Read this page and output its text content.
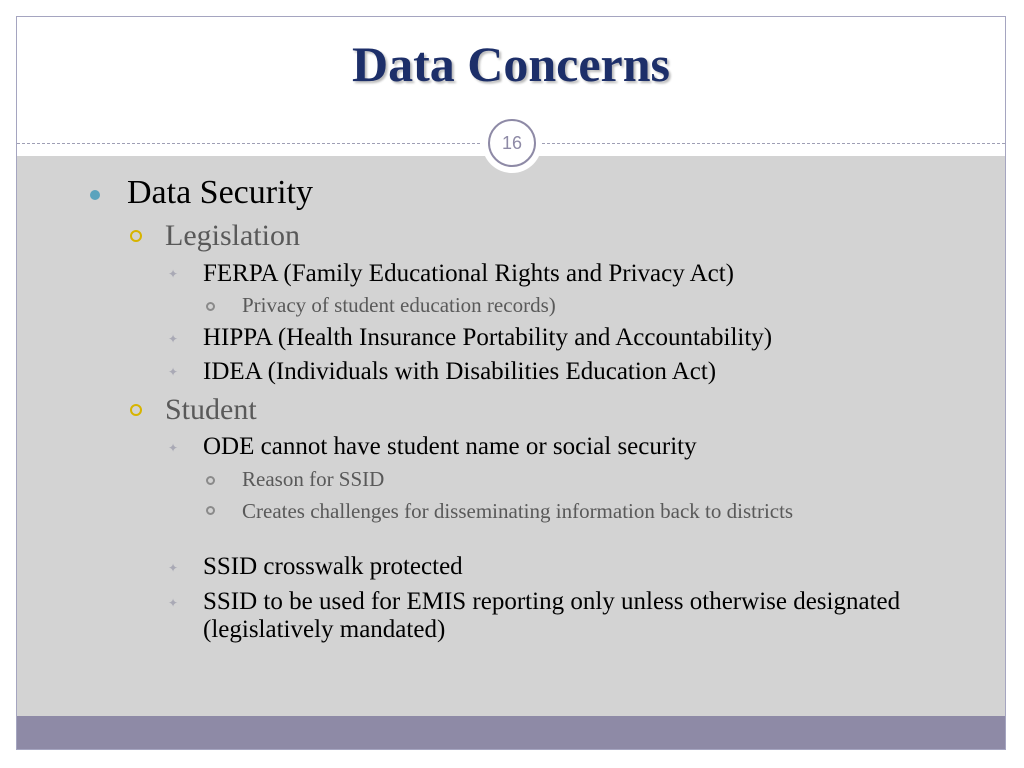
Data Concerns
16
Data Security
Legislation
✦ FERPA (Family Educational Rights and Privacy Act)
Privacy of student education records)
✦ HIPPA (Health Insurance Portability and Accountability)
✦ IDEA (Individuals with Disabilities Education Act)
Student
✦ ODE cannot have student name or social security
Reason for SSID
Creates challenges for disseminating information back to districts
✦ SSID crosswalk protected
✦ SSID to be used for EMIS reporting only unless otherwise designated (legislatively mandated)
